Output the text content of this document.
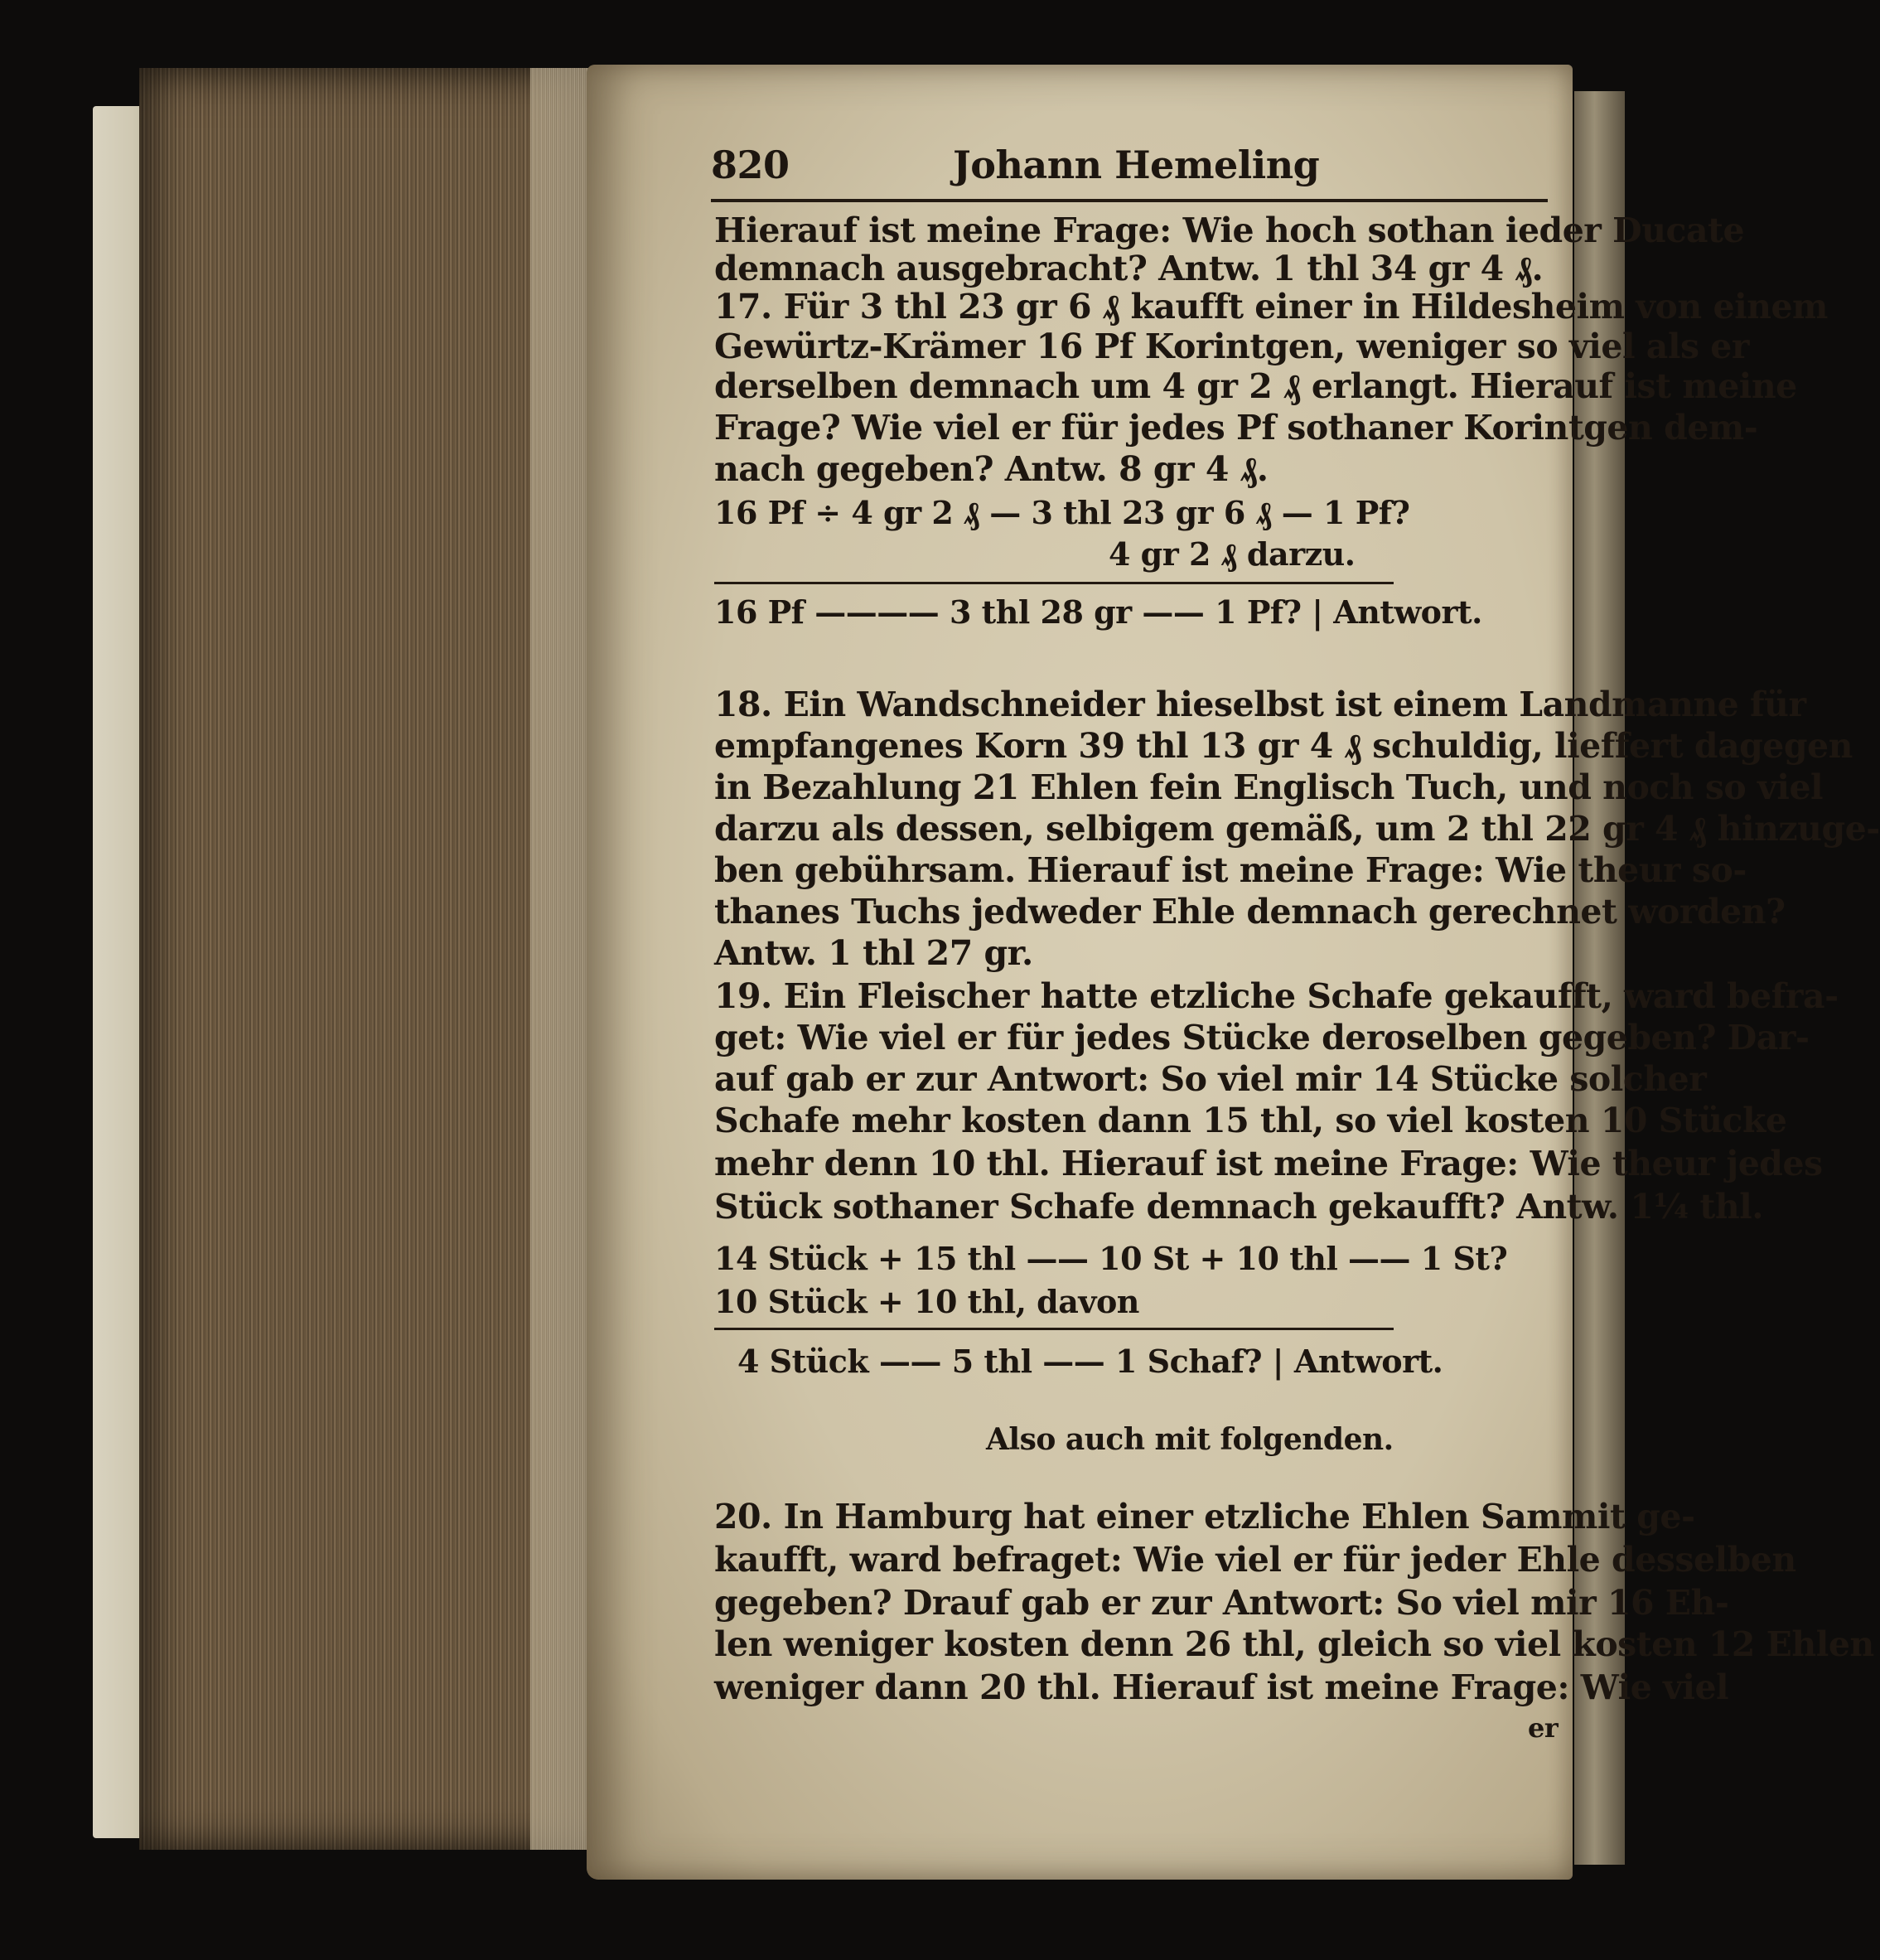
820	Johann Hemeling
Hierauf ist meine Frage: Wie hoch sothan ieder Ducate
demnach ausgebracht? Antw. 1 thl 34 gr 4 ₰.
17. Für 3 thl 23 gr 6 ₰ kaufft einer in Hildesheim von einem
Gewürtz-Krämer 16 Pf Korintgen, weniger so viel als er
derselben demnach um 4 gr 2 ₰ erlangt. Hierauf ist meine
Frage? Wie viel er für jedes Pf sothaner Korintgen dem-
nach gegeben? Antw. 8 gr 4 ₰.
16 Pf ÷ 4 gr 2 ₰ — 3 thl 23 gr 6 ₰ — 1 Pf?
4 gr 2 ₰ darzu.
16 Pf ———— 3 thl 28 gr —— 1 Pf? | Antwort.
18. Ein Wandschneider hieselbst ist einem Landmanne für
empfangenes Korn 39 thl 13 gr 4 ₰ schuldig, lieffert dagegen
in Bezahlung 21 Ehlen fein Englisch Tuch, und noch so viel
darzu als dessen, selbigem gemäß, um 2 thl 22 gr 4 ₰ hinzuge-
ben gebührsam. Hierauf ist meine Frage: Wie theur so-
thanes Tuchs jedweder Ehle demnach gerechnet worden?
Antw. 1 thl 27 gr.
19. Ein Fleischer hatte etzliche Schafe gekaufft, ward befra-
get: Wie viel er für jedes Stücke deroselben gegeben? Dar-
auf gab er zur Antwort: So viel mir 14 Stücke solcher
Schafe mehr kosten dann 15 thl, so viel kosten 10 Stücke
mehr denn 10 thl. Hierauf ist meine Frage: Wie theur jedes
Stück sothaner Schafe demnach gekaufft? Antw. 1¼ thl.
14 Stück + 15 thl —— 10 St + 10 thl —— 1 St?
10 Stück + 10 thl, davon
4 Stück —— 5 thl —— 1 Schaf? | Antwort.
Also auch mit folgenden.
20. In Hamburg hat einer etzliche Ehlen Sammit ge-
kaufft, ward befraget: Wie viel er für jeder Ehle desselben
gegeben? Drauf gab er zur Antwort: So viel mir 16 Eh-
len weniger kosten denn 26 thl, gleich so viel kosten 12 Ehlen
weniger dann 20 thl. Hierauf ist meine Frage: Wie viel
er
